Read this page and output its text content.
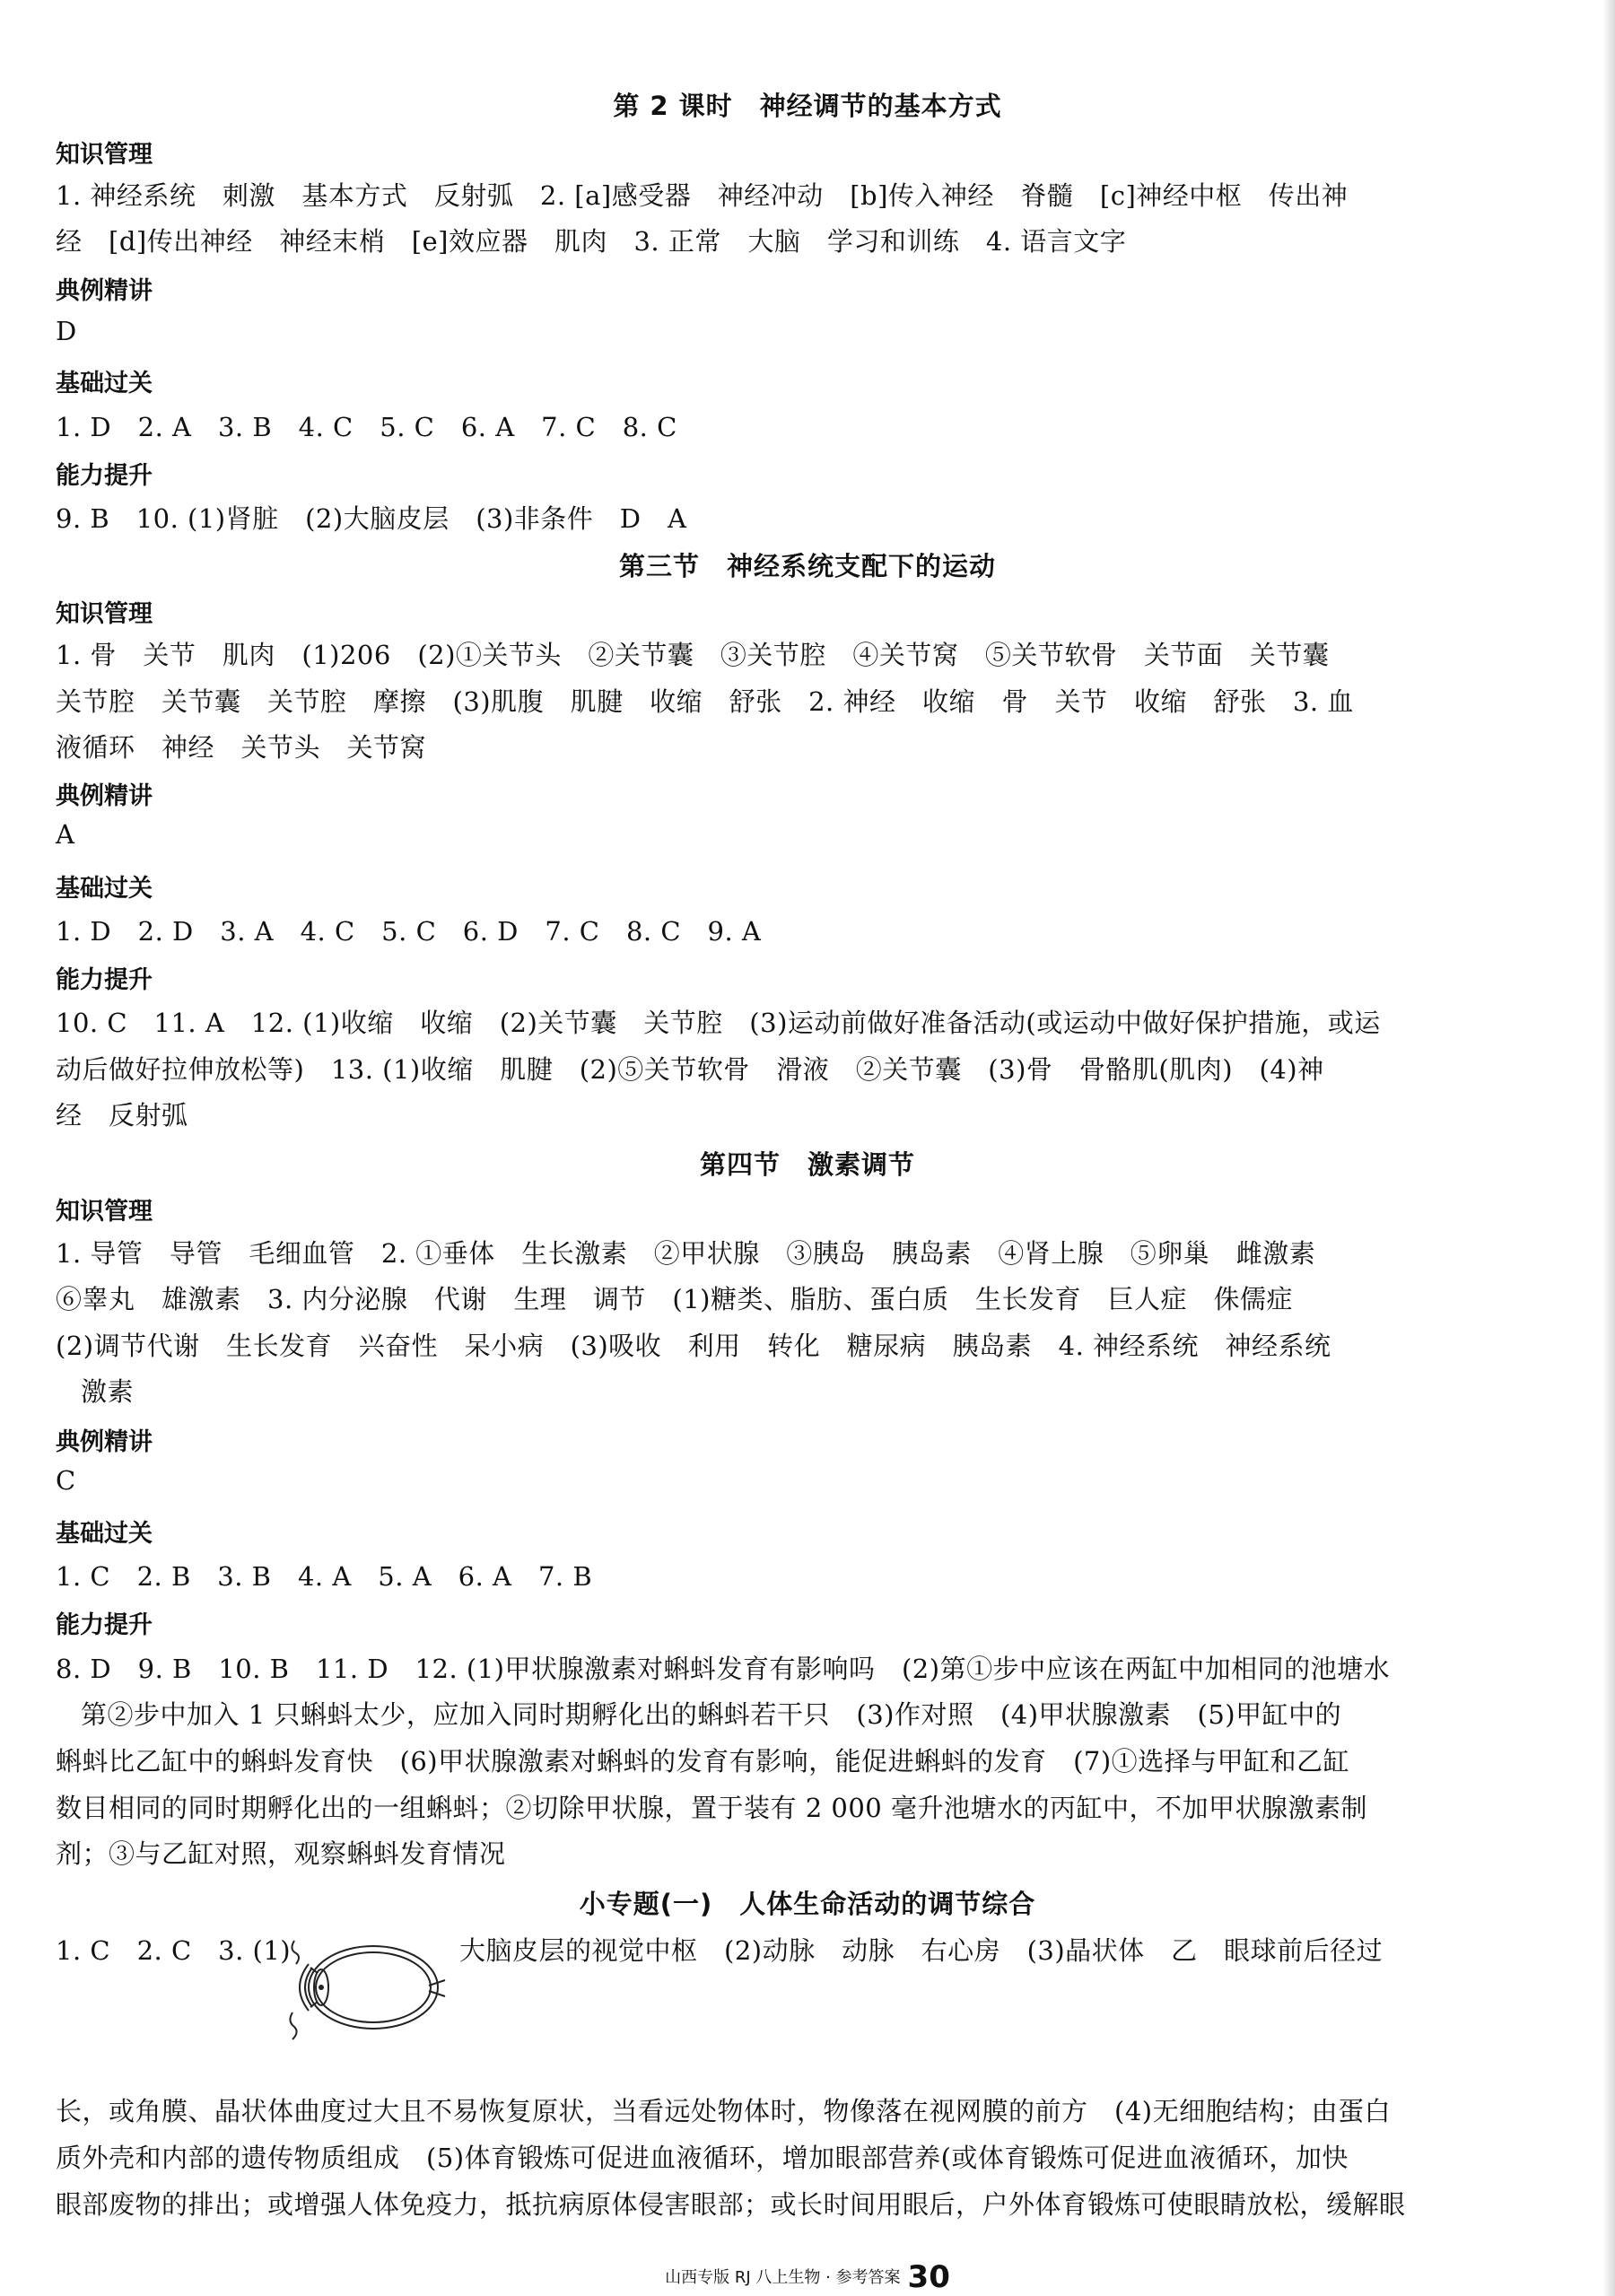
第 2 课时　神经调节的基本方式
知识管理
1. 神经系统　刺激　基本方式　反射弧　2. [a]感受器　神经冲动　[b]传入神经　脊髓　[c]神经中枢　传出神
经　[d]传出神经　神经末梢　[e]效应器　肌肉　3. 正常　大脑　学习和训练　4. 语言文字
典例精讲
D
基础过关
1. D　2. A　3. B　4. C　5. C　6. A　7. C　8. C
能力提升
9. B　10. (1)肾脏　(2)大脑皮层　(3)非条件　D　A
第三节　神经系统支配下的运动
知识管理
1. 骨　关节　肌肉　(1)206　(2)①关节头　②关节囊　③关节腔　④关节窝　⑤关节软骨　关节面　关节囊
关节腔　关节囊　关节腔　摩擦　(3)肌腹　肌腱　收缩　舒张　2. 神经　收缩　骨　关节　收缩　舒张　3. 血
液循环　神经　关节头　关节窝
典例精讲
A
基础过关
1. D　2. D　3. A　4. C　5. C　6. D　7. C　8. C　9. A
能力提升
10. C　11. A　12. (1)收缩　收缩　(2)关节囊　关节腔　(3)运动前做好准备活动(或运动中做好保护措施，或运
动后做好拉伸放松等)　13. (1)收缩　肌腱　(2)⑤关节软骨　滑液　②关节囊　(3)骨　骨骼肌(肌肉)　(4)神
经　反射弧
第四节　激素调节
知识管理
1. 导管　导管　毛细血管　2. ①垂体　生长激素　②甲状腺　③胰岛　胰岛素　④肾上腺　⑤卵巢　雌激素
⑥睾丸　雄激素　3. 内分泌腺　代谢　生理　调节　(1)糖类、脂肪、蛋白质　生长发育　巨人症　侏儒症
(2)调节代谢　生长发育　兴奋性　呆小病　(3)吸收　利用　转化　糖尿病　胰岛素　4. 神经系统　神经系统
激素
典例精讲
C
基础过关
1. C　2. B　3. B　4. A　5. A　6. A　7. B
能力提升
8. D　9. B　10. B　11. D　12. (1)甲状腺激素对蝌蚪发育有影响吗　(2)第①步中应该在两缸中加相同的池塘水
第②步中加入 1 只蝌蚪太少，应加入同时期孵化出的蝌蚪若干只　(3)作对照　(4)甲状腺激素　(5)甲缸中的
蝌蚪比乙缸中的蝌蚪发育快　(6)甲状腺激素对蝌蚪的发育有影响，能促进蝌蚪的发育　(7)①选择与甲缸和乙缸
数目相同的同时期孵化出的一组蝌蚪；②切除甲状腺，置于装有 2 000 毫升池塘水的丙缸中，不加甲状腺激素制
剂；③与乙缸对照，观察蝌蚪发育情况
小专题(一)　人体生命活动的调节综合
1. C　2. C　3. (1)	大脑皮层的视觉中枢　(2)动脉　动脉　右心房　(3)晶状体　乙　眼球前后径过
长，或角膜、晶状体曲度过大且不易恢复原状，当看远处物体时，物像落在视网膜的前方　(4)无细胞结构；由蛋白
质外壳和内部的遗传物质组成　(5)体育锻炼可促进血液循环，增加眼部营养(或体育锻炼可促进血液循环，加快
眼部废物的排出；或增强人体免疫力，抵抗病原体侵害眼部；或长时间用眼后，户外体育锻炼可使眼睛放松，缓解眼
山西专版 RJ 八上生物 · 参考答案 30
